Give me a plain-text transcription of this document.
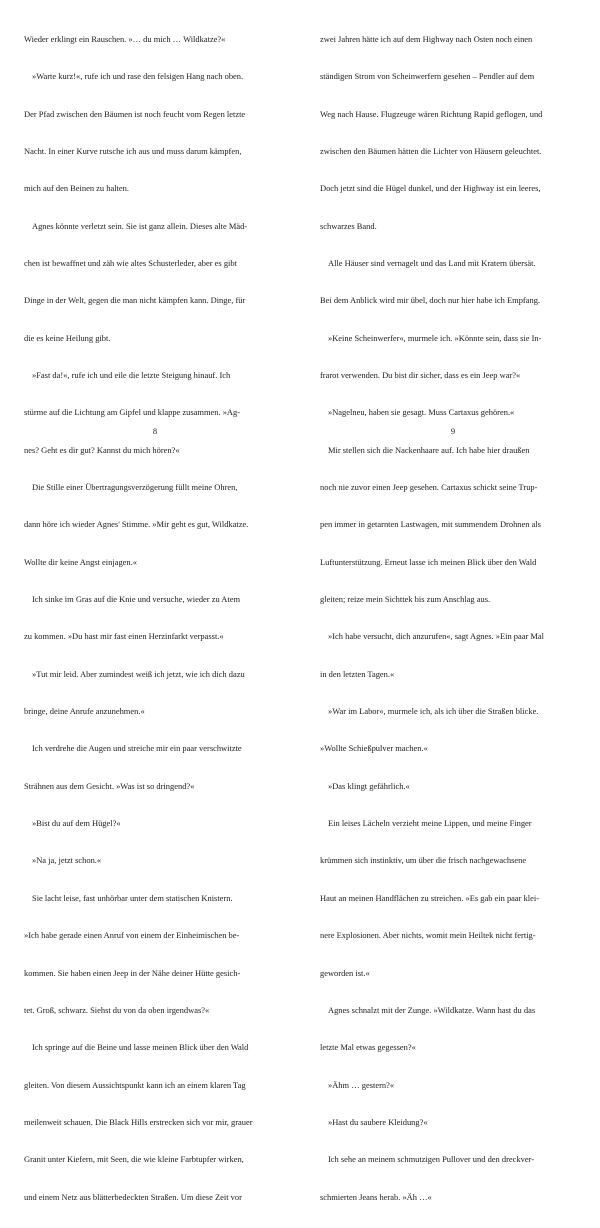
Wieder erklingt ein Rauschen. »… du mich … Wildkatze?«

»Warte kurz!«, rufe ich und rase den felsigen Hang nach oben.

Der Pfad zwischen den Bäumen ist noch feucht vom Regen letzte

Nacht. In einer Kurve rutsche ich aus und muss darum kämpfen,

mich auf den Beinen zu halten.

Agnes könnte verletzt sein. Sie ist ganz allein. Dieses alte Mäd-

chen ist bewaffnet und zäh wie altes Schusterleder, aber es gibt

Dinge in der Welt, gegen die man nicht kämpfen kann. Dinge, für

die es keine Heilung gibt.

»Fast da!«, rufe ich und eile die letzte Steigung hinauf. Ich

stürme auf die Lichtung am Gipfel und klappe zusammen. »Ag-

nes? Geht es dir gut? Kannst du mich hören?«

Die Stille einer Übertragungsverzögerung füllt meine Ohren,

dann höre ich wieder Agnes' Stimme. »Mir geht es gut, Wildkatze.

Wollte dir keine Angst einjagen.«

Ich sinke im Gras auf die Knie und versuche, wieder zu Atem

zu kommen. »Du hast mir fast einen Herzinfarkt verpasst.«

»Tut mir leid. Aber zumindest weiß ich jetzt, wie ich dich dazu

bringe, deine Anrufe anzunehmen.«

Ich verdrehe die Augen und streiche mir ein paar verschwitzte

Strähnen aus dem Gesicht. »Was ist so dringend?«

»Bist du auf dem Hügel?«

»Na ja, jetzt schon.«

Sie lacht leise, fast unhörbar unter dem statischen Knistern.

»Ich habe gerade einen Anruf von einem der Einheimischen be-

kommen. Sie haben einen Jeep in der Nähe deiner Hütte gesich-

tet. Groß, schwarz. Siehst du von da oben irgendwas?«

Ich springe auf die Beine und lasse meinen Blick über den Wald

gleiten. Von diesem Aussichtspunkt kann ich an einem klaren Tag

meilenweit schauen. Die Black Hills erstrecken sich vor mir, grauer

Granit unter Kiefern, mit Seen, die wie kleine Farbtupfer wirken,

und einem Netz aus blätterbedeckten Straßen. Um diese Zeit vor

8

zwei Jahren hätte ich auf dem Highway nach Osten noch einen

ständigen Strom von Scheinwerfern gesehen – Pendler auf dem

Weg nach Hause. Flugzeuge wären Richtung Rapid geflogen, und

zwischen den Bäumen hätten die Lichter von Häusern geleuchtet.

Doch jetzt sind die Hügel dunkel, und der Highway ist ein leeres,

schwarzes Band.

Alle Häuser sind vernagelt und das Land mit Kratern übersät.

Bei dem Anblick wird mir übel, doch nur hier habe ich Empfang.

»Keine Scheinwerfer«, murmele ich. »Könnte sein, dass sie In-

frarot verwenden. Du bist dir sicher, dass es ein Jeep war?«

»Nagelneu, haben sie gesagt. Muss Cartaxus gehören.«

Mir stellen sich die Nackenhaare auf. Ich habe hier draußen

noch nie zuvor einen Jeep gesehen. Cartaxus schickt seine Trup-

pen immer in getarnten Lastwagen, mit summendem Drohnen als

Luftunterstützung. Erneut lasse ich meinen Blick über den Wald

gleiten; reize mein Sichttek bis zum Anschlag aus.

»Ich habe versucht, dich anzurufen«, sagt Agnes. »Ein paar Mal

in den letzten Tagen.«

»War im Labor«, murmele ich, als ich über die Straßen blicke.

»Wollte Schießpulver machen.«

»Das klingt gefährlich.«

Ein leises Lächeln verzieht meine Lippen, und meine Finger

krümmen sich instinktiv, um über die frisch nachgewachsene

Haut an meinen Handflächen zu streichen. »Es gab ein paar klei-

nere Explosionen. Aber nichts, womit mein Heiltek nicht fertig-

geworden ist.«

Agnes schnalzt mit der Zunge. »Wildkatze. Wann hast du das

letzte Mal etwas gegessen?«

»Ähm … gestern?«

»Hast du saubere Kleidung?«

Ich sehe an meinem schmutzigen Pullover und den dreckver-

schmierten Jeans herab. »Äh …«

9
